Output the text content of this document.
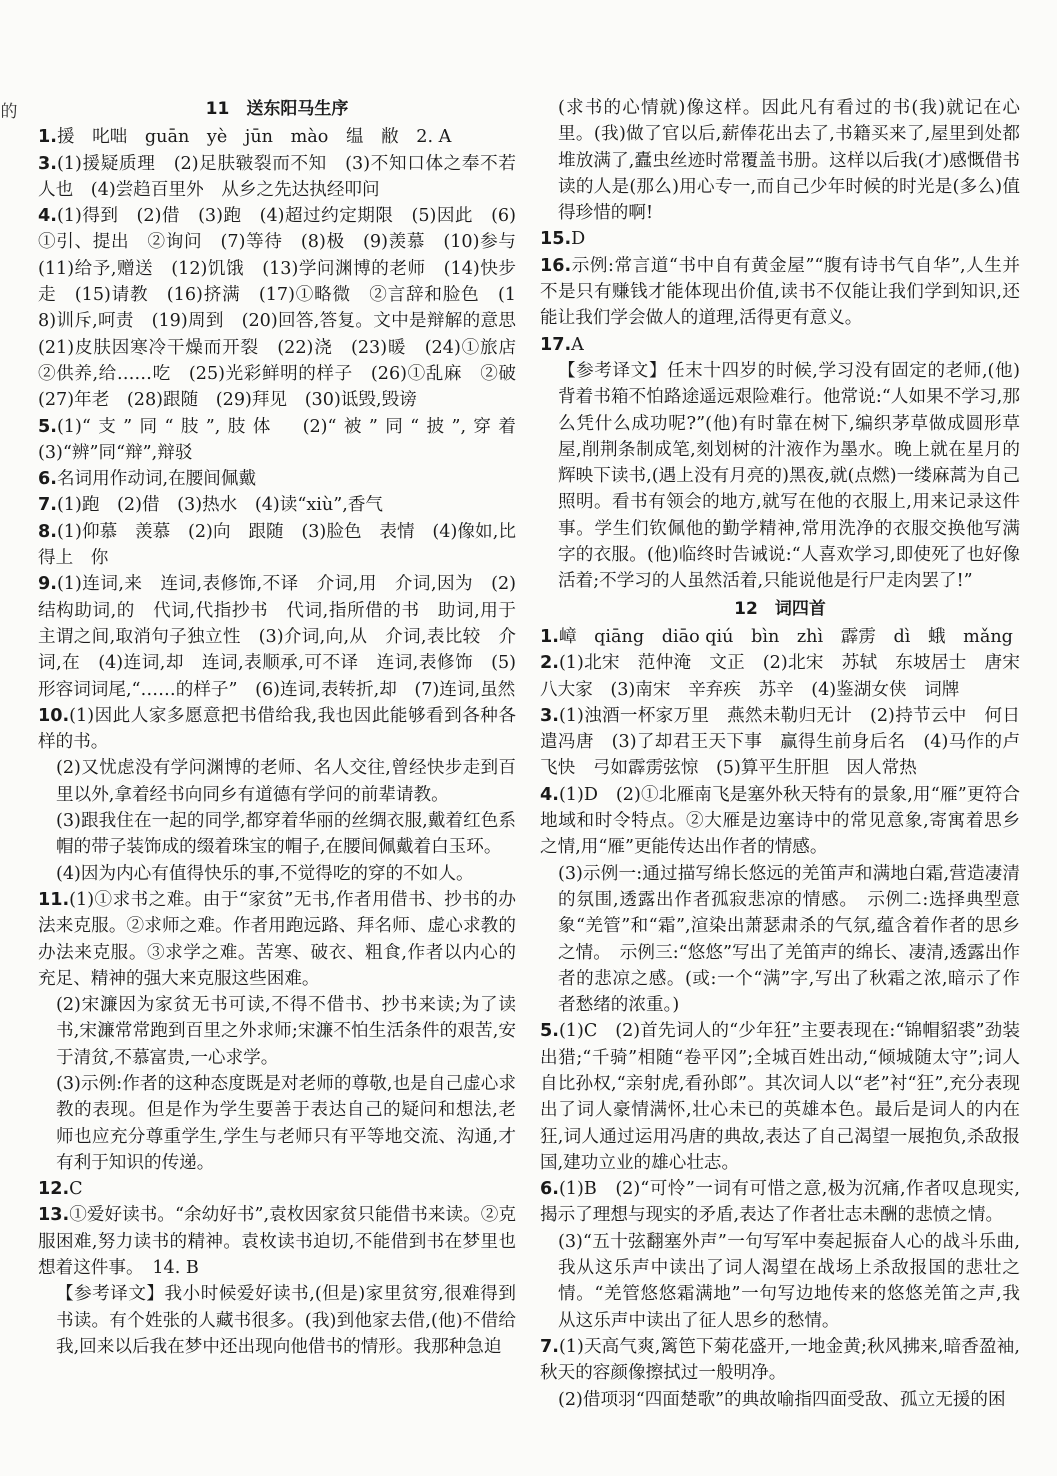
的	11　送东阳马生序

1.援　叱咄　guān　yè　jūn　mào　缊　敝　2. A

3.(1)援疑质理　(2)足肤皲裂而不知　(3)不知口体之奉不若人也　(4)尝趋百里外　从乡之先达执经叩问

4.(1)得到　(2)借　(3)跑　(4)超过约定期限　(5)因此　(6)①引、提出　②询问　(7)等待　(8)极　(9)羡慕　(10)参与　(11)给予,赠送　(12)饥饿　(13)学问渊博的老师　(14)快步走　(15)请教　(16)挤满　(17)①略微　②言辞和脸色　(18)训斥,呵责　(19)周到　(20)回答,答复。文中是辩解的意思　(21)皮肤因寒冷干燥而开裂　(22)浇　(23)暖　(24)①旅店　②供养,给……吃　(25)光彩鲜明的样子　(26)①乱麻　②破　(27)年老　(28)跟随　(29)拜见　(30)诋毁,毁谤

5.(1)“支”同“肢”,肢体　(2)“被”同“披”,穿着　(3)“辨”同“辩”,辩驳

6.名词用作动词,在腰间佩戴

7.(1)跑　(2)借　(3)热水　(4)读“xiù”,香气

8.(1)仰慕　羡慕　(2)向　跟随　(3)脸色　表情　(4)像如,比得上　你

9.(1)连词,来　连词,表修饰,不译　介词,用　介词,因为　(2)结构助词,的　代词,代指抄书　代词,指所借的书　助词,用于主谓之间,取消句子独立性　(3)介词,向,从　介词,表比较　介词,在　(4)连词,却　连词,表顺承,可不译　连词,表修饰　(5)形容词词尾,“……的样子”　(6)连词,表转折,却　(7)连词,虽然

10.(1)因此人家多愿意把书借给我,我也因此能够看到各种各样的书。

(2)又忧虑没有学问渊博的老师、名人交往,曾经快步走到百里以外,拿着经书向同乡有道德有学问的前辈请教。

(3)跟我住在一起的同学,都穿着华丽的丝绸衣服,戴着红色系帽的带子装饰成的缀着珠宝的帽子,在腰间佩戴着白玉环。

(4)因为内心有值得快乐的事,不觉得吃的穿的不如人。

11.(1)①求书之难。由于“家贫”无书,作者用借书、抄书的办法来克服。②求师之难。作者用跑远路、拜名师、虚心求教的办法来克服。③求学之难。苦寒、破衣、粗食,作者以内心的充足、精神的强大来克服这些困难。

(2)宋濂因为家贫无书可读,不得不借书、抄书来读;为了读书,宋濂常常跑到百里之外求师;宋濂不怕生活条件的艰苦,安于清贫,不慕富贵,一心求学。

(3)示例:作者的这种态度既是对老师的尊敬,也是自己虚心求教的表现。但是作为学生要善于表达自己的疑问和想法,老师也应充分尊重学生,学生与老师只有平等地交流、沟通,才有利于知识的传递。

12.C

13.①爱好读书。“余幼好书”,袁枚因家贫只能借书来读。②克服困难,努力读书的精神。袁枚读书迫切,不能借到书在梦里也想着这件事。　14. B

【参考译文】我小时候爱好读书,(但是)家里贫穷,很难得到书读。有个姓张的人藏书很多。(我)到他家去借,(他)不借给我,回来以后我在梦中还出现向他借书的情形。我那种急迫

(求书的心情就)像这样。因此凡有看过的书(我)就记在心里。(我)做了官以后,薪俸花出去了,书籍买来了,屋里到处都堆放满了,蠹虫丝迹时常覆盖书册。这样以后我(才)感慨借书读的人是(那么)用心专一,而自己少年时候的时光是(多么)值得珍惜的啊!

15.D

16.示例:常言道“书中自有黄金屋”“腹有诗书气自华”,人生并不是只有赚钱才能体现出价值,读书不仅能让我们学到知识,还能让我们学会做人的道理,活得更有意义。

17.A

【参考译文】任末十四岁的时候,学习没有固定的老师,(他)背着书箱不怕路途遥远艰险难行。他常说:“人如果不学习,那么凭什么成功呢?”(他)有时靠在树下,编织茅草做成圆形草屋,削荆条制成笔,刻划树的汁液作为墨水。晚上就在星月的辉映下读书,(遇上没有月亮的)黑夜,就(点燃)一缕麻蒿为自己照明。看书有领会的地方,就写在他的衣服上,用来记录这件事。学生们钦佩他的勤学精神,常用洗净的衣服交换他写满字的衣服。(他)临终时告诫说:“人喜欢学习,即使死了也好像活着;不学习的人虽然活着,只能说他是行尸走肉罢了!”

12　词四首

1.嶂　qiāng　diāo qiú　bìn　zhì　霹雳　dì　蛾　mǎng

2.(1)北宋　范仲淹　文正　(2)北宋　苏轼　东坡居士　唐宋八大家　(3)南宋　辛弃疾　苏辛　(4)鉴湖女侠　词牌

3.(1)浊酒一杯家万里　燕然未勒归无计　(2)持节云中　何日遣冯唐　(3)了却君王天下事　赢得生前身后名　(4)马作的卢飞快　弓如霹雳弦惊　(5)算平生肝胆　因人常热

4.(1)D　(2)①北雁南飞是塞外秋天特有的景象,用“雁”更符合地域和时令特点。②大雁是边塞诗中的常见意象,寄寓着思乡之情,用“雁”更能传达出作者的情感。

(3)示例一:通过描写绵长悠远的羌笛声和满地白霜,营造凄清的氛围,透露出作者孤寂悲凉的情感。　示例二:选择典型意象“羌管”和“霜”,渲染出萧瑟肃杀的气氛,蕴含着作者的思乡之情。　示例三:“悠悠”写出了羌笛声的绵长、凄清,透露出作者的悲凉之感。(或:一个“满”字,写出了秋霜之浓,暗示了作者愁绪的浓重。)

5.(1)C　(2)首先词人的“少年狂”主要表现在:“锦帽貂裘”劲装出猎;“千骑”相随“卷平冈”;全城百姓出动,“倾城随太守”;词人自比孙权,“亲射虎,看孙郎”。其次词人以“老”衬“狂”,充分表现出了词人豪情满怀,壮心未已的英雄本色。最后是词人的内在狂,词人通过运用冯唐的典故,表达了自己渴望一展抱负,杀敌报国,建功立业的雄心壮志。

6.(1)B　(2)“可怜”一词有可惜之意,极为沉痛,作者叹息现实,揭示了理想与现实的矛盾,表达了作者壮志未酬的悲愤之情。

(3)“五十弦翻塞外声”一句写军中奏起振奋人心的战斗乐曲,我从这乐声中读出了词人渴望在战场上杀敌报国的悲壮之情。“羌管悠悠霜满地”一句写边地传来的悠悠羌笛之声,我从这乐声中读出了征人思乡的愁情。

7.(1)天高气爽,篱笆下菊花盛开,一地金黄;秋风拂来,暗香盈袖,秋天的容颜像擦拭过一般明净。

(2)借项羽“四面楚歌”的典故喻指四面受敌、孤立无援的困
